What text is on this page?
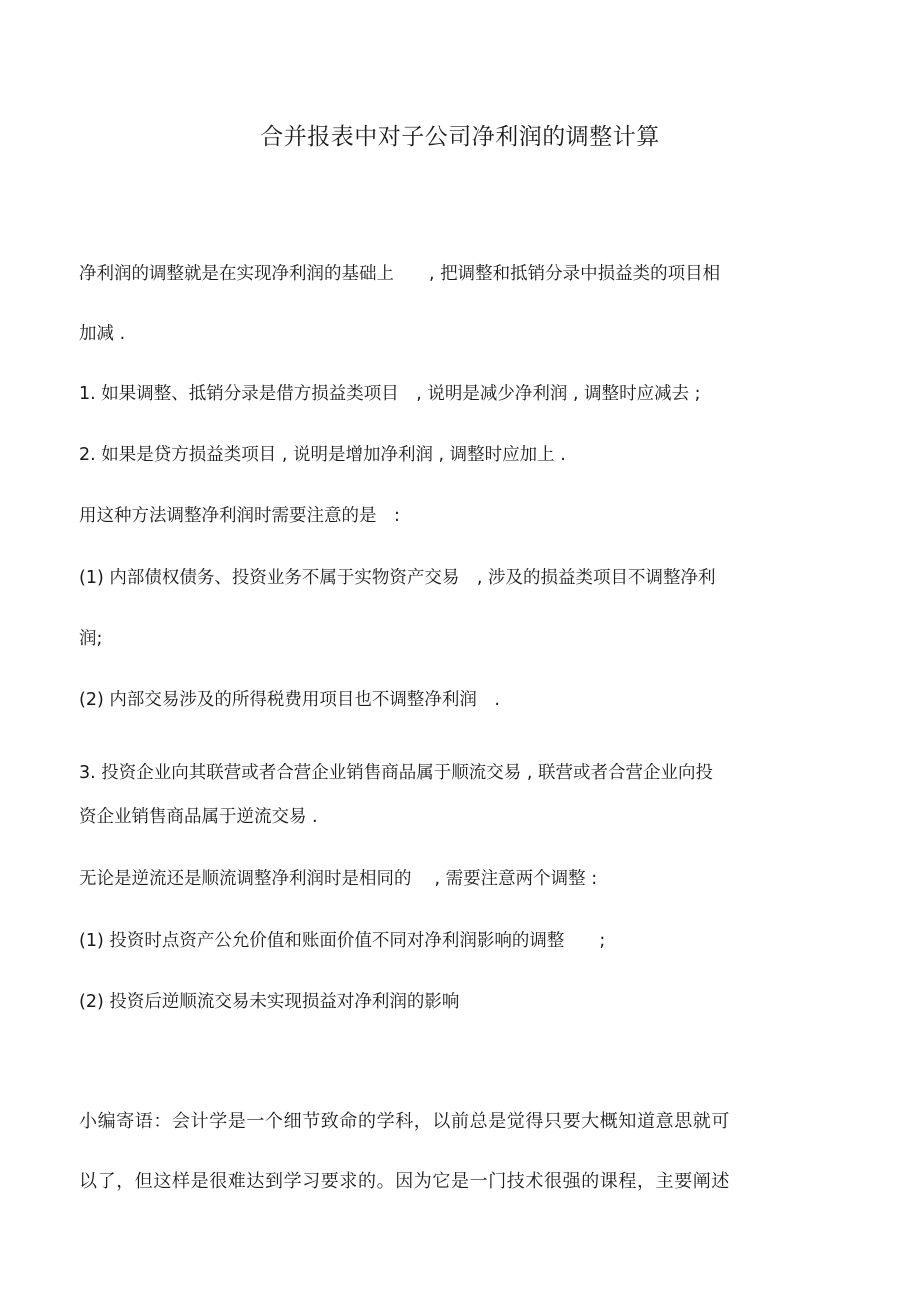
合并报表中对子公司净利润的调整计算
净利润的调整就是在实现净利润的基础上　　, 把调整和抵销分录中损益类的项目相
加减 .
1. 如果调整、抵销分录是借方损益类项目　, 说明是减少净利润 , 调整时应减去 ;
2. 如果是贷方损益类项目 , 说明是增加净利润 , 调整时应加上 .
用这种方法调整净利润时需要注意的是　:
(1) 内部债权债务、投资业务不属于实物资产交易　, 涉及的损益类项目不调整净利
润;
(2) 内部交易涉及的所得税费用项目也不调整净利润　.
3. 投资企业向其联营或者合营企业销售商品属于顺流交易 , 联营或者合营企业向投
资企业销售商品属于逆流交易 .
无论是逆流还是顺流调整净利润时是相同的　 , 需要注意两个调整 :
(1) 投资时点资产公允价值和账面价值不同对净利润影响的调整　　;
(2) 投资后逆顺流交易未实现损益对净利润的影响
小编寄语：会计学是一个细节致命的学科，以前总是觉得只要大概知道意思就可
以了，但这样是很难达到学习要求的。因为它是一门技术很强的课程，主要阐述
